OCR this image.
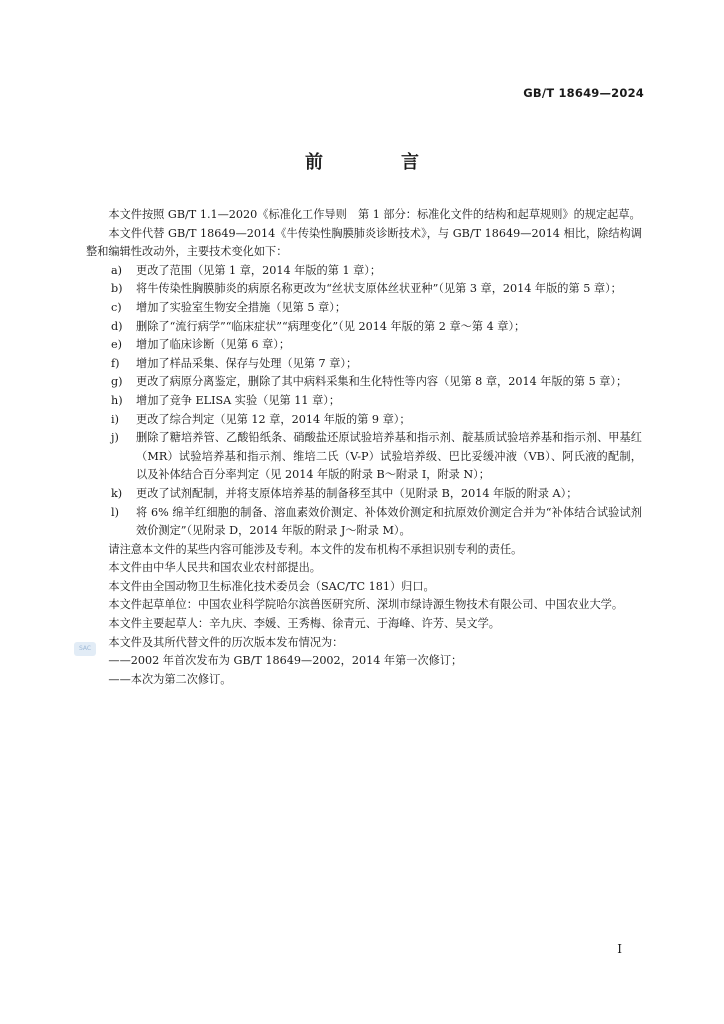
GB/T 18649—2024
前　言

本文件按照 GB/T 1.1—2020《标准化工作导则　第 1 部分：标准化文件的结构和起草规则》的规定起草。

本文件代替 GB/T 18649—2014《牛传染性胸膜肺炎诊断技术》，与 GB/T 18649—2014 相比，除结构调整和编辑性改动外，主要技术变化如下：

a) 更改了范围（见第 1 章，2014 年版的第 1 章）；
b) 将牛传染性胸膜肺炎的病原名称更改为“丝状支原体丝状亚种”（见第 3 章，2014 年版的第 5 章）；
c) 增加了实验室生物安全措施（见第 5 章）；
d) 删除了“流行病学”“临床症状”“病理变化”（见 2014 年版的第 2 章～第 4 章）；
e) 增加了临床诊断（见第 6 章）；
f) 增加了样品采集、保存与处理（见第 7 章）；
g) 更改了病原分离鉴定，删除了其中病料采集和生化特性等内容（见第 8 章，2014 年版的第 5 章）；
h) 增加了竞争 ELISA 实验（见第 11 章）；
i) 更改了综合判定（见第 12 章，2014 年版的第 9 章）；
j) 删除了糖培养管、乙酸铅纸条、硝酸盐还原试验培养基和指示剂、靛基质试验培养基和指示剂、甲基红（MR）试验培养基和指示剂、维培二氏（V-P）试验培养级、巴比妥缓冲液（VB）、阿氏液的配制，以及补体结合百分率判定（见 2014 年版的附录 B～附录 I，附录 N）；
k) 更改了试剂配制，并将支原体培养基的制备移至其中（见附录 B，2014 年版的附录 A）；
l) 将 6% 绵羊红细胞的制备、溶血素效价测定、补体效价测定和抗原效价测定合并为“补体结合试验试剂效价测定”（见附录 D，2014 年版的附录 J～附录 M）。

请注意本文件的某些内容可能涉及专利。本文件的发布机构不承担识别专利的责任。

本文件由中华人民共和国农业农村部提出。

本文件由全国动物卫生标准化技术委员会（SAC/TC 181）归口。

本文件起草单位：中国农业科学院哈尔滨兽医研究所、深圳市绿诗源生物技术有限公司、中国农业大学。

本文件主要起草人：辛九庆、李媛、王秀梅、徐青元、于海峰、许芳、吴文学。

本文件及其所代替文件的历次版本发布情况为：

——2002 年首次发布为 GB/T 18649—2002，2014 年第一次修订；

——本次为第二次修订。

SAC
I
